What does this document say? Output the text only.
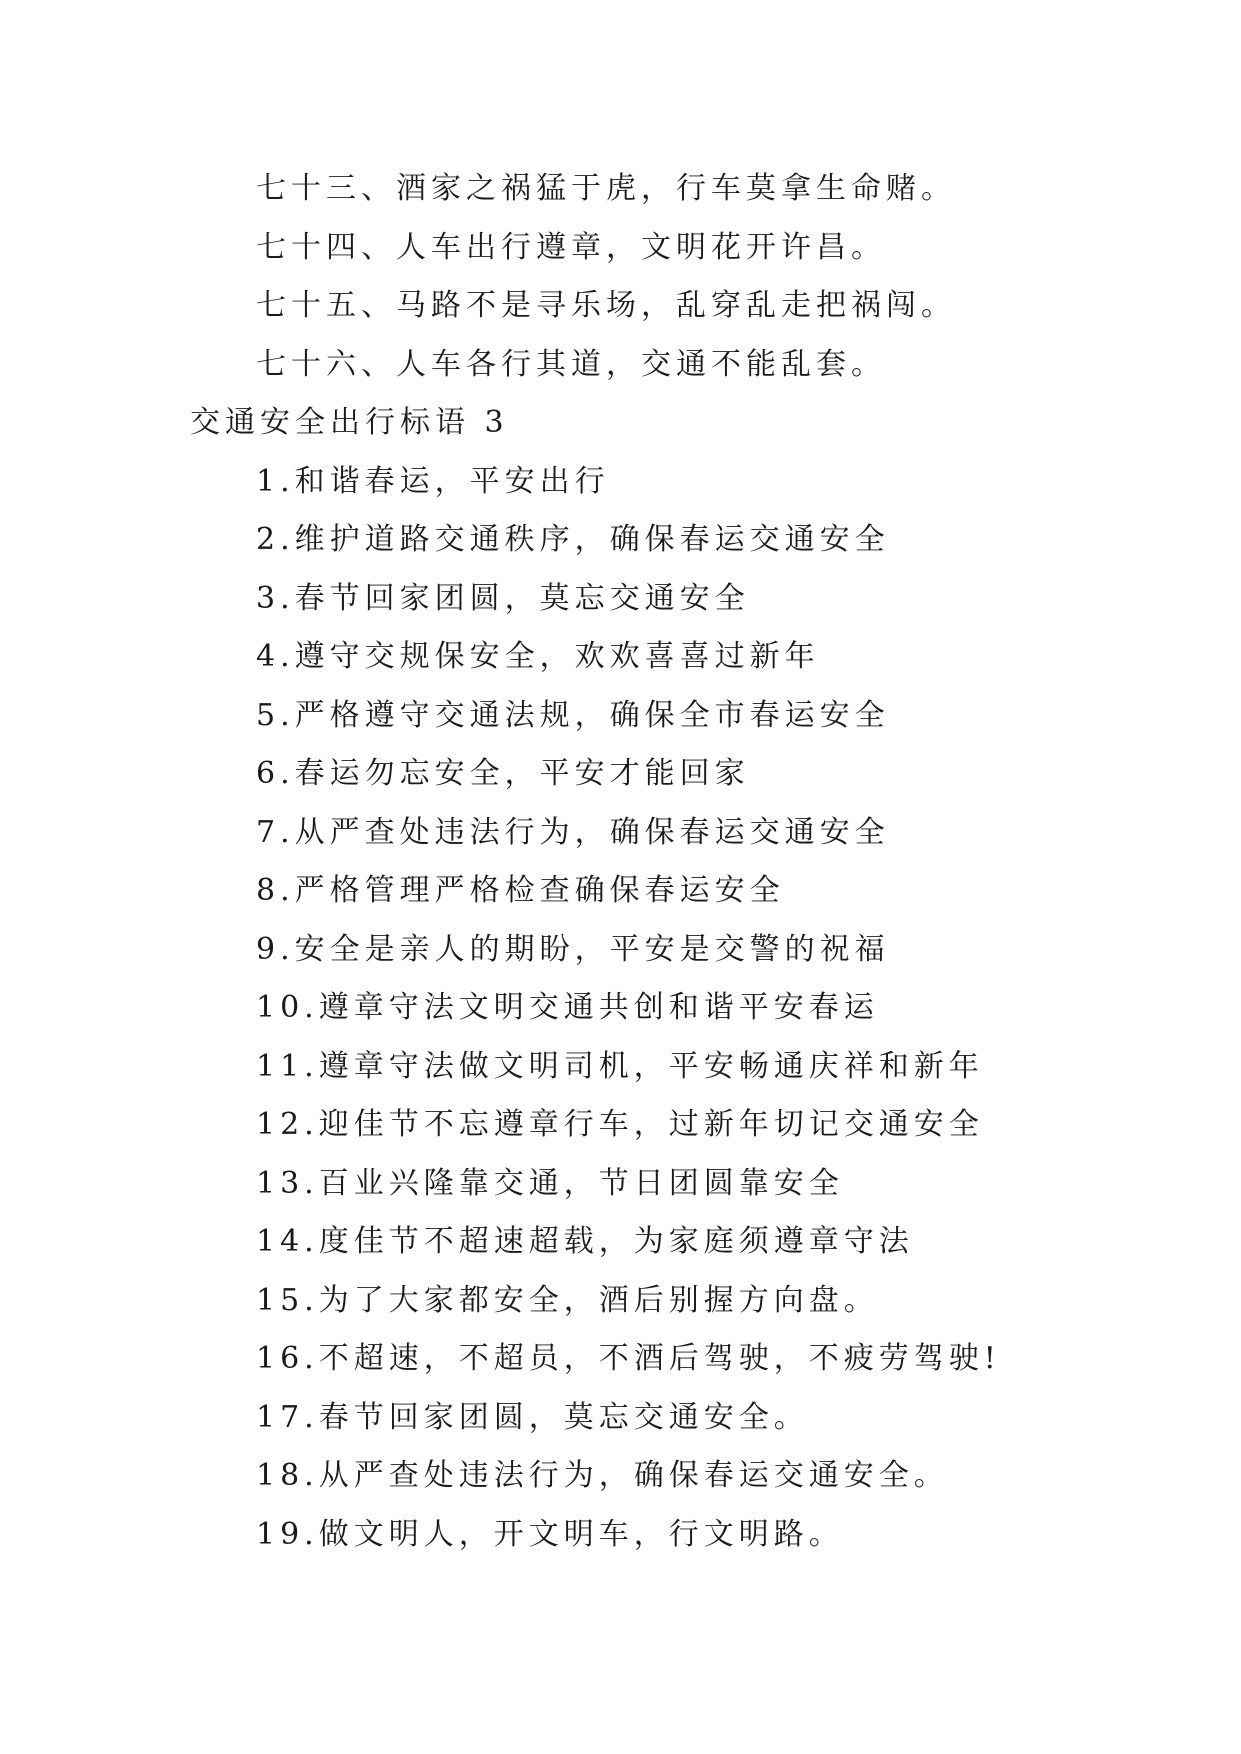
七十三、酒家之祸猛于虎，行车莫拿生命赌。
七十四、人车出行遵章，文明花开许昌。
七十五、马路不是寻乐场，乱穿乱走把祸闯。
七十六、人车各行其道，交通不能乱套。
交通安全出行标语 3
1.和谐春运，平安出行
2.维护道路交通秩序，确保春运交通安全
3.春节回家团圆，莫忘交通安全
4.遵守交规保安全，欢欢喜喜过新年
5.严格遵守交通法规，确保全市春运安全
6.春运勿忘安全，平安才能回家
7.从严查处违法行为，确保春运交通安全
8.严格管理严格检查确保春运安全
9.安全是亲人的期盼，平安是交警的祝福
10.遵章守法文明交通共创和谐平安春运
11.遵章守法做文明司机，平安畅通庆祥和新年
12.迎佳节不忘遵章行车，过新年切记交通安全
13.百业兴隆靠交通，节日团圆靠安全
14.度佳节不超速超载，为家庭须遵章守法
15.为了大家都安全，酒后别握方向盘。
16.不超速，不超员，不酒后驾驶，不疲劳驾驶!
17.春节回家团圆，莫忘交通安全。
18.从严查处违法行为，确保春运交通安全。
19.做文明人，开文明车，行文明路。
